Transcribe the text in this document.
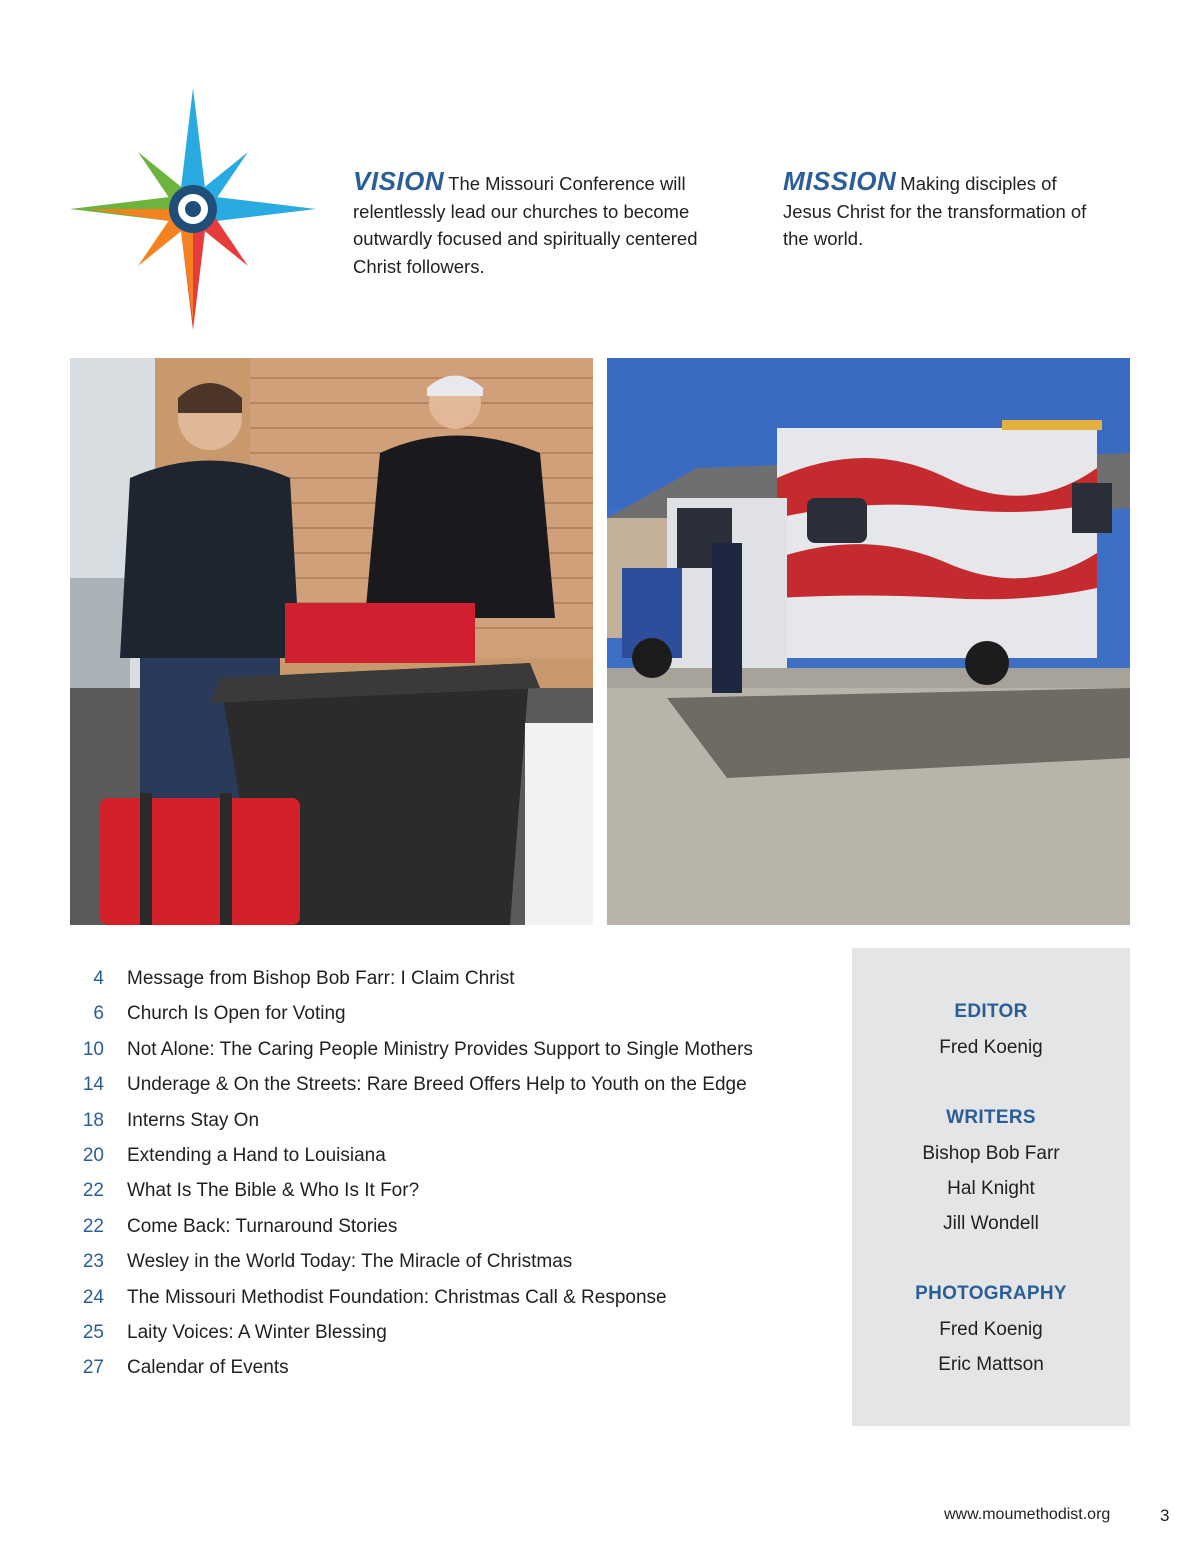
VISION The Missouri Conference will relentlessly lead our churches to become outwardly focused and spiritually centered Christ followers.
MISSION Making disciples of Jesus Christ for the transformation of the world.
4 Message from Bishop Bob Farr: I Claim Christ
6 Church Is Open for Voting
10 Not Alone: The Caring People Ministry Provides Support to Single Mothers
14 Underage & On the Streets: Rare Breed Offers Help to Youth on the Edge
18 Interns Stay On
20 Extending a Hand to Louisiana
22 What Is The Bible & Who Is It For?
22 Come Back: Turnaround Stories
23 Wesley in the World Today: The Miracle of Christmas
24 The Missouri Methodist Foundation: Christmas Call & Response
25 Laity Voices: A Winter Blessing
27 Calendar of Events
EDITOR
Fred Koenig
WRITERS
Bishop Bob Farr
Hal Knight
Jill Wondell
PHOTOGRAPHY
Fred Koenig
Eric Mattson
www.moumethodist.org	3
